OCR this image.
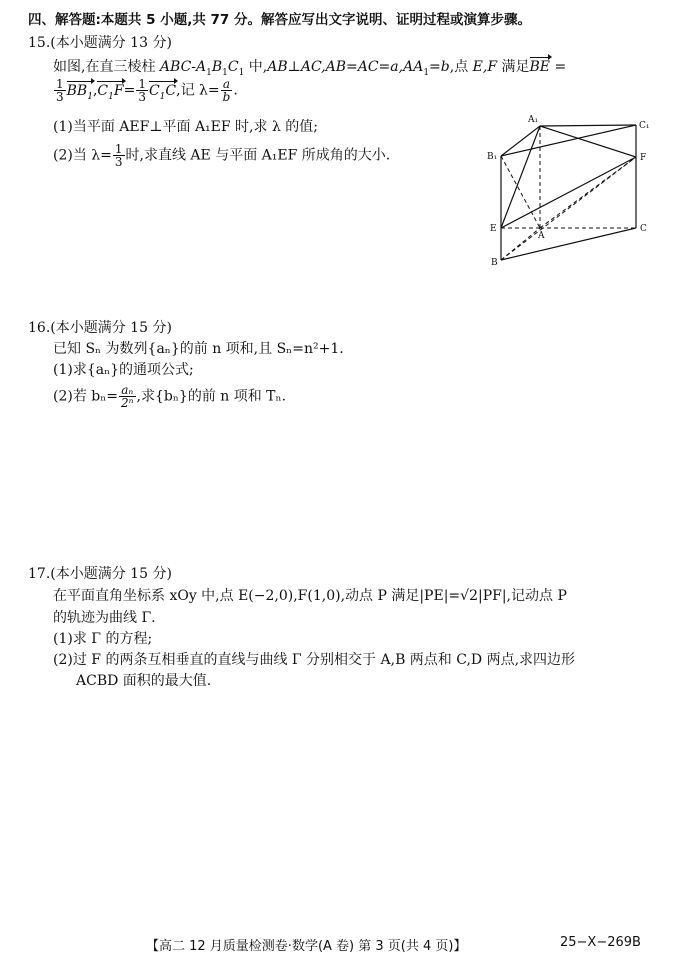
四、解答题:本题共 5 小题,共 77 分。解答应写出文字说明、证明过程或演算步骤。
15.(本小题满分 13 分)
如图,在直三棱柱 ABC-$A_1B_1C_1$ 中$,AB\perp AC,AB=AC=a,AA_1=b$,点 E,F 满足BE =
$\frac{1}{3} BB_1,C_1F= \frac{1}{3} C_1C$,记 $\lambda= \frac{a}{b}$ .
(1)当平面 AEF⊥平面 A₁EF 时,求 λ 的值;
(2)当 $\lambda= \frac{1}{3}$ 时,求直线 AE 与平面 A₁EF 所成角的大小.
A₁
C₁
B₁	F
E
A
C
B
16.(本小题满分 15 分)
已知 Sₙ 为数列{aₙ}的前 n 项和,且 Sₙ=n²+1.
(1)求{aₙ}的通项公式;
(2)若 $b_n= \frac{\text{aₙ}}{\text{2ⁿ}}$ ,求{bₙ}的前 n 项和 Tₙ.
17.(本小题满分 15 分)
在平面直角坐标系 xOy 中,点 E(−2,0),F(1,0),动点 P 满足|PE|=√2|PF|,记动点 P
的轨迹为曲线 Γ.
(1)求 Γ 的方程;
(2)过 F 的两条互相垂直的直线与曲线 Γ 分别相交于 A,B 两点和 C,D 两点,求四边形
ACBD 面积的最大值.
【高二 12 月质量检测卷·数学(A 卷) 第 3 页(共 4 页)】	25−X−269B
